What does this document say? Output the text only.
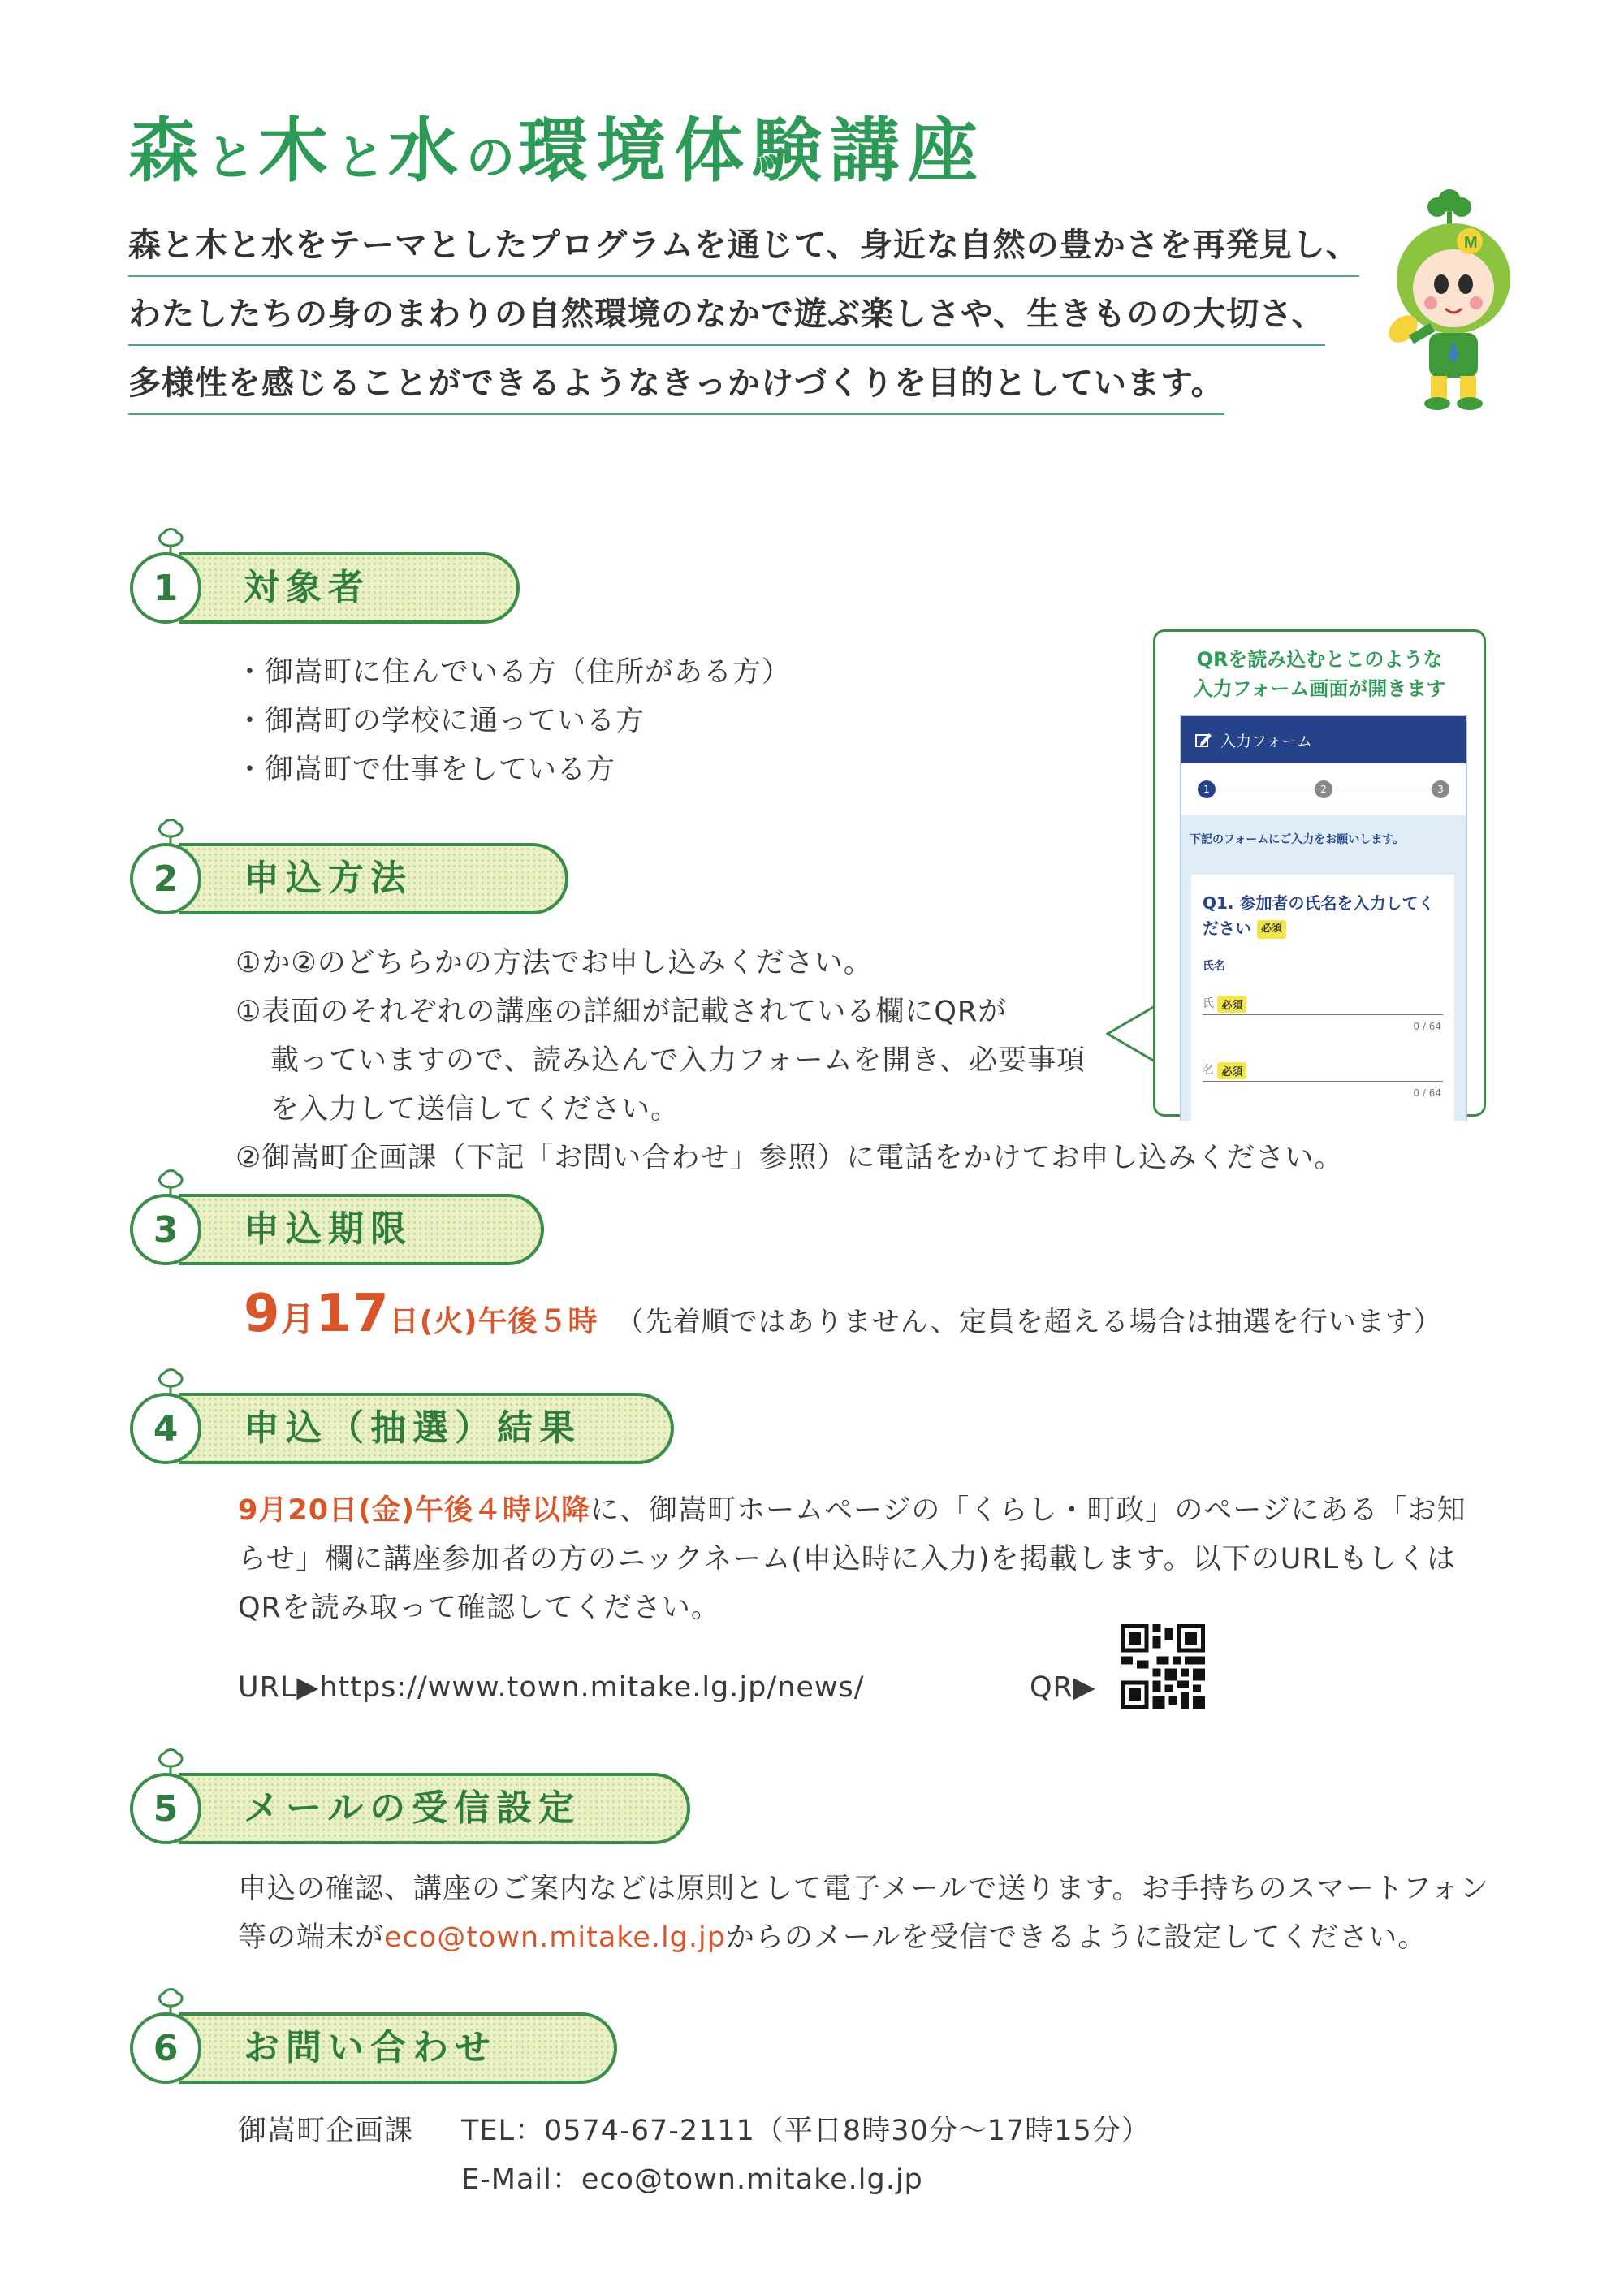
森と木と水の環境体験講座
森と木と水をテーマとしたプログラムを通じて、身近な自然の豊かさを再発見し、
わたしたちの身のまわりの自然環境のなかで遊ぶ楽しさや、生きものの大切さ、
多様性を感じることができるようなきっかけづくりを目的としています。
M
1	対象者
・御嵩町に住んでいる方（住所がある方）
・御嵩町の学校に通っている方
・御嵩町で仕事をしている方
2	申込方法
①か②のどちらかの方法でお申し込みください。
①表面のそれぞれの講座の詳細が記載されている欄にQRが
載っていますので、読み込んで入力フォームを開き、必要事項
を入力して送信してください。
②御嵩町企画課（下記「お問い合わせ」参照）に電話をかけてお申し込みください。
QRを読み込むとこのような
入力フォーム画面が開きます
入力フォーム
1	2	3
下記のフォームにご入力をお願いします。
Q1. 参加者の氏名を入力してください 必須
氏名
氏 必須
0 / 64
名 必須
0 / 64
3	申込期限
9月17日(火)午後５時 （先着順ではありません、定員を超える場合は抽選を行います）
4	申込（抽選）結果
9月20日(金)午後４時以降に、御嵩町ホームページの「くらし・町政」のページにある「お知
らせ」欄に講座参加者の方のニックネーム(申込時に入力)を掲載します。以下のURLもしくは
QRを読み取って確認してください。
URL▶https://www.town.mitake.lg.jp/news/	QR▶
5	メールの受信設定
申込の確認、講座のご案内などは原則として電子メールで送ります。お手持ちのスマートフォン
等の端末がeco@town.mitake.lg.jpからのメールを受信できるように設定してください。
6	お問い合わせ
御嵩町企画課 TEL：0574-67-2111（平日8時30分～17時15分）
E-Mail：eco@town.mitake.lg.jp
